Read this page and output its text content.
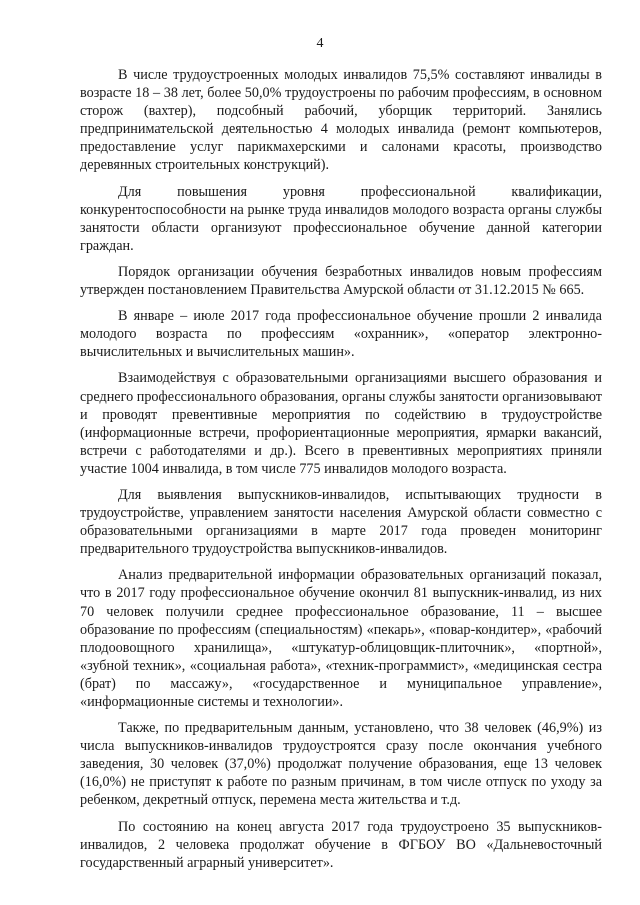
4

В числе трудоустроенных молодых инвалидов 75,5% составляют инвалиды в возрасте 18 – 38 лет, более 50,0% трудоустроены по рабочим профессиям, в основном сторож (вахтер), подсобный рабочий, уборщик территорий. Занялись предпринимательской деятельностью 4 молодых инвалида (ремонт компьютеров, предоставление услуг парикмахерскими и салонами красоты, производство деревянных строительных конструкций).

Для повышения уровня профессиональной квалификации, конкурентоспособности на рынке труда инвалидов молодого возраста органы службы занятости области организуют профессиональное обучение данной категории граждан.

Порядок организации обучения безработных инвалидов новым профессиям утвержден постановлением Правительства Амурской области от 31.12.2015 № 665.

В январе – июле 2017 года профессиональное обучение прошли 2 инвалида молодого возраста по профессиям «охранник», «оператор электронно-вычислительных и вычислительных машин».

Взаимодействуя с образовательными организациями высшего образования и среднего профессионального образования, органы службы занятости организовывают и проводят превентивные мероприятия по содействию в трудоустройстве (информационные встречи, профориентационные мероприятия, ярмарки вакансий, встречи с работодателями и др.). Всего в превентивных мероприятиях приняли участие 1004 инвалида, в том числе 775 инвалидов молодого возраста.

Для выявления выпускников-инвалидов, испытывающих трудности в трудоустройстве, управлением занятости населения Амурской области совместно с образовательными организациями в марте 2017 года проведен мониторинг предварительного трудоустройства выпускников-инвалидов.

Анализ предварительной информации образовательных организаций показал, что в 2017 году профессиональное обучение окончил 81 выпускник-инвалид, из них 70 человек получили среднее профессиональное образование, 11 – высшее образование по профессиям (специальностям) «пекарь», «повар-кондитер», «рабочий плодоовощного хранилища», «штукатур-облицовщик-плиточник», «портной», «зубной техник», «социальная работа», «техник-программист», «медицинская сестра (брат) по массажу», «государственное и муниципальное управление», «информационные системы и технологии».

Также, по предварительным данным, установлено, что 38 человек (46,9%) из числа выпускников-инвалидов трудоустроятся сразу после окончания учебного заведения, 30 человек (37,0%) продолжат получение образования, еще 13 человек (16,0%) не приступят к работе по разным причинам, в том числе отпуск по уходу за ребенком, декретный отпуск, перемена места жительства и т.д.

По состоянию на конец августа 2017 года трудоустроено 35 выпускников-инвалидов, 2 человека продолжат обучение в ФГБОУ ВО «Дальневосточный государственный аграрный университет».
